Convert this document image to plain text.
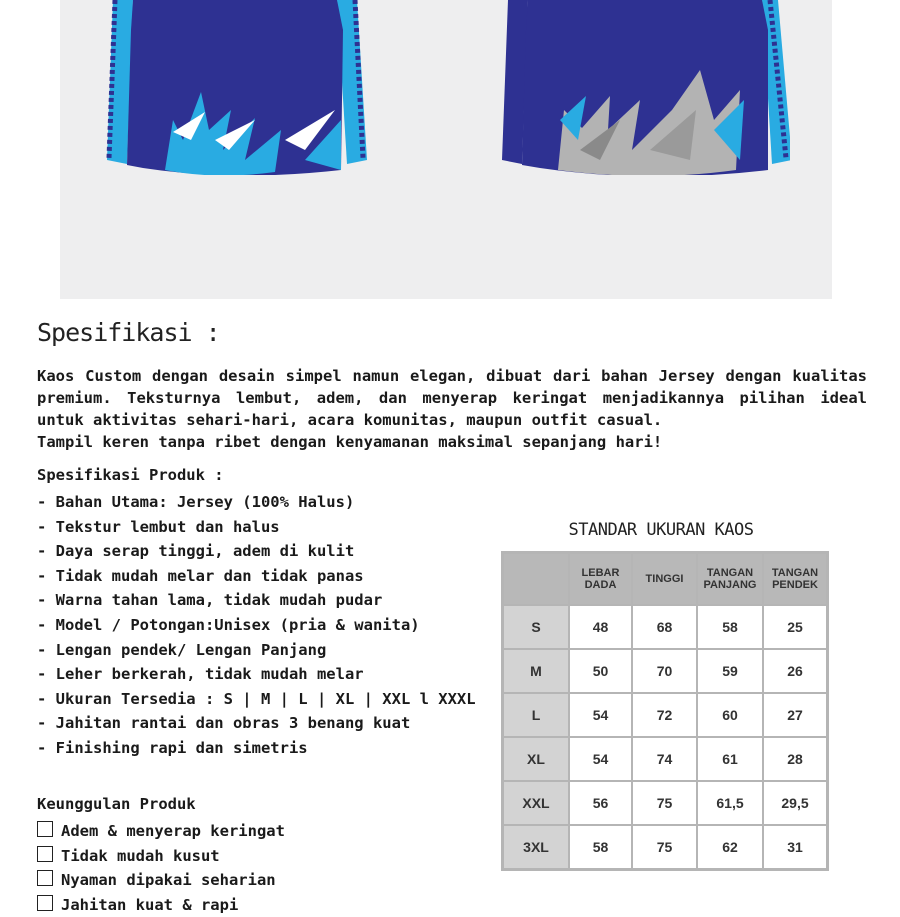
Spesifikasi :
Kaos Custom dengan desain simpel namun elegan, dibuat dari bahan Jersey dengan kualitas premium. Teksturnya lembut, adem, dan menyerap keringat menjadikannya pilihan ideal untuk aktivitas sehari-hari, acara komunitas, maupun outfit casual.
Tampil keren tanpa ribet dengan kenyamanan maksimal sepanjang hari!
Spesifikasi Produk :
- Bahan Utama: Jersey (100% Halus)
- Tekstur lembut dan halus
- Daya serap tinggi, adem di kulit
- Tidak mudah melar dan tidak panas
- Warna tahan lama, tidak mudah pudar
- Model / Potongan:Unisex (pria & wanita)
- Lengan pendek/ Lengan Panjang
- Leher berkerah, tidak mudah melar
- Ukuran Tersedia : S | M | L | XL | XXL l XXXL
- Jahitan rantai dan obras 3 benang kuat
- Finishing rapi dan simetris
Keunggulan Produk
Adem & menyerap keringat
Tidak mudah kusut
Nyaman dipakai seharian
Jahitan kuat & rapi
STANDAR UKURAN KAOS
	LEBAR DADA	TINGGI	TANGAN PANJANG	TANGAN PENDEK
S	48	68	58	25
M	50	70	59	26
L	54	72	60	27
XL	54	74	61	28
XXL	56	75	61,5	29,5
3XL	58	75	62	31
